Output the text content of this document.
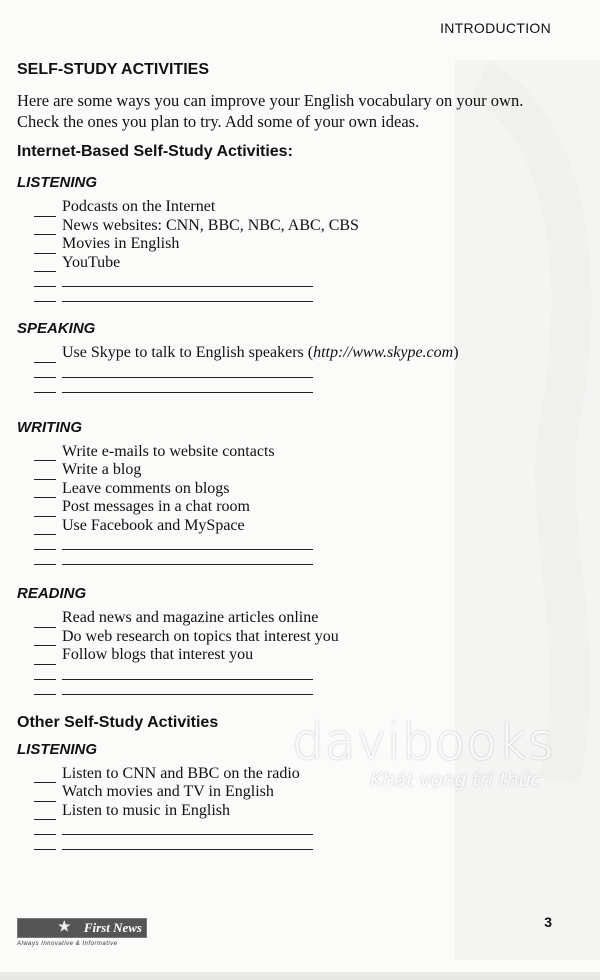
INTRODUCTION
SELF-STUDY ACTIVITIES

Here are some ways you can improve your English vocabulary on your own. Check the ones you plan to try. Add some of your own ideas.

Internet-Based Self-Study Activities:
LISTENING
Podcasts on the Internet
News websites: CNN, BBC, NBC, ABC, CBS
Movies in English
YouTube
SPEAKING
Use Skype to talk to English speakers ( http://www.skype.com )
WRITING
Write e-mails to website contacts
Write a blog
Leave comments on blogs
Post messages in a chat room
Use Facebook and MySpace
READING
Read news and magazine articles online
Do web research on topics that interest you
Follow blogs that interest you
Other Self-Study Activities
LISTENING
Listen to CNN and BBC on the radio
Watch movies and TV in English
Listen to music in English
davibooks
Khát vọng tri thức
★ First News
Always Innovative & Informative
3
